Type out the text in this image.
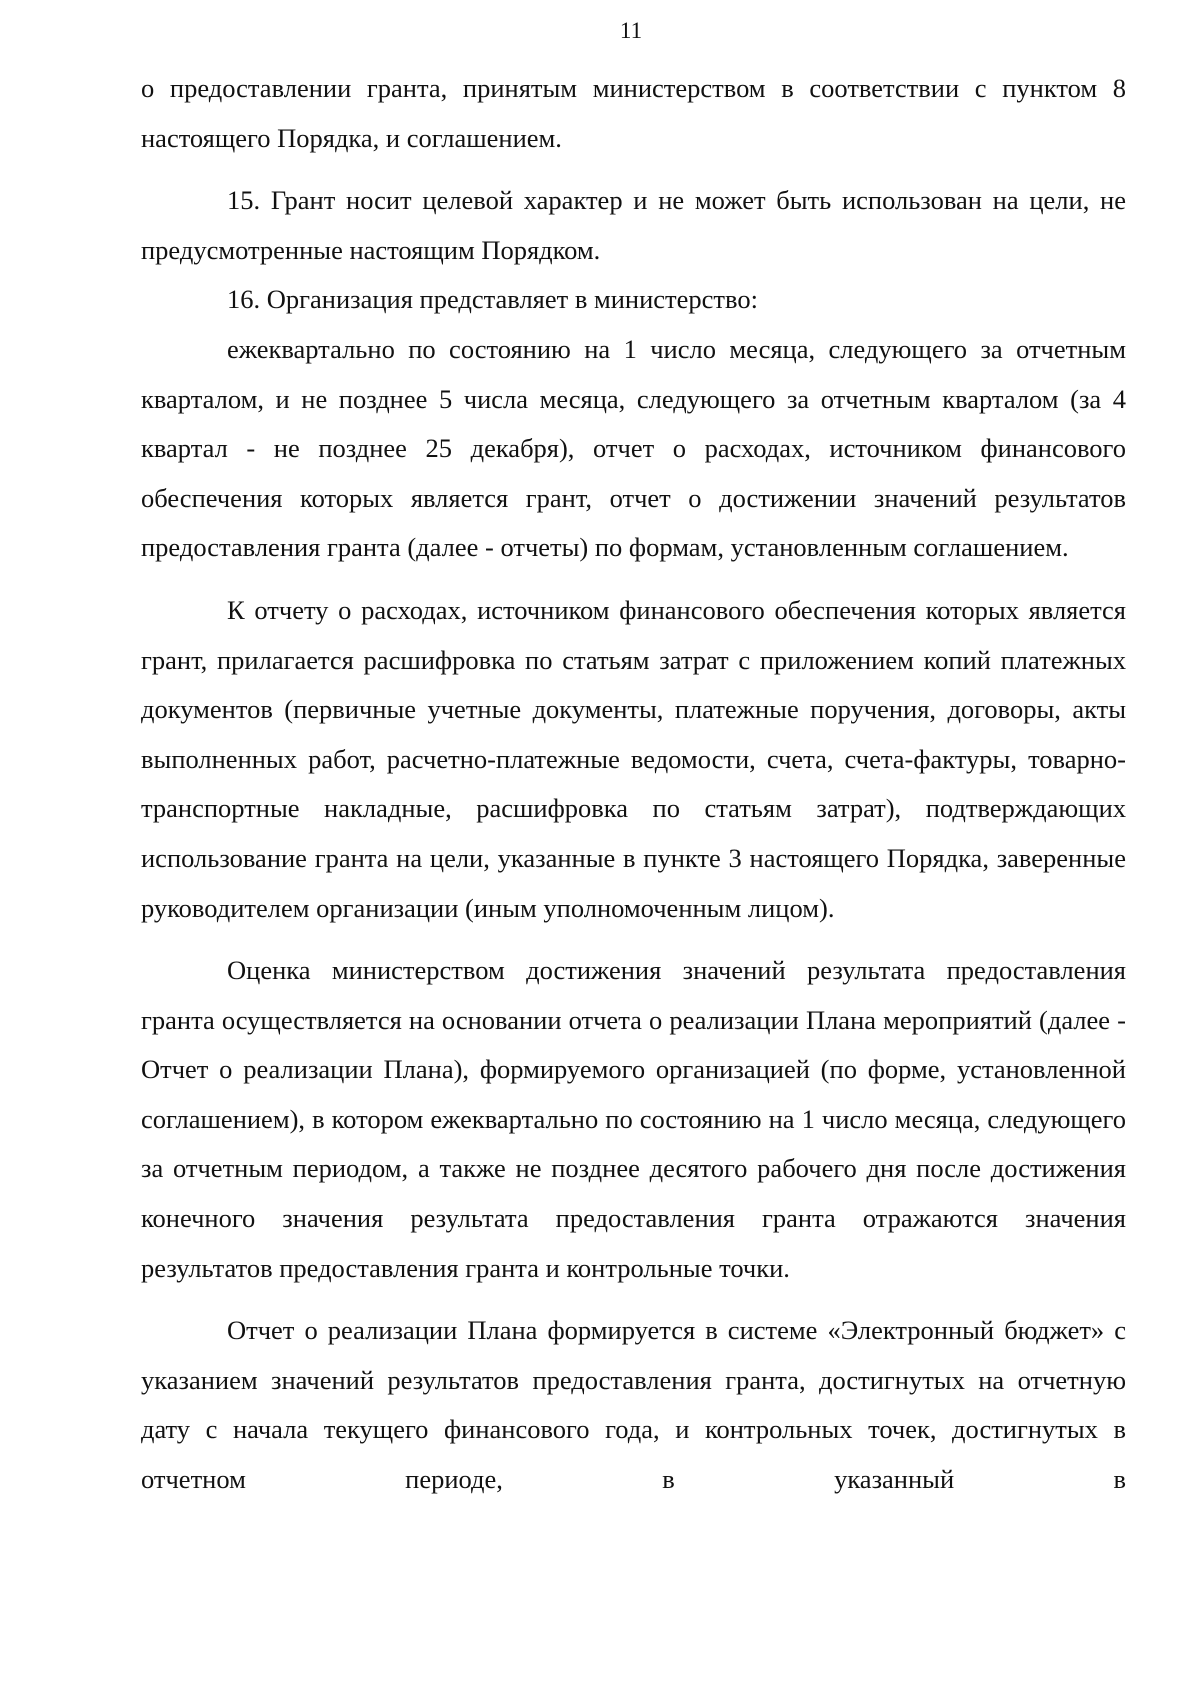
11

о предоставлении гранта, принятым министерством в соответствии с пунктом 8 настоящего Порядка, и соглашением.

15. Грант носит целевой характер и не может быть использован на цели, не предусмотренные настоящим Порядком.

16. Организация представляет в министерство:

ежеквартально по состоянию на 1 число месяца, следующего за отчетным кварталом, и не позднее 5 числа месяца, следующего за отчетным кварталом (за 4 квартал - не позднее 25 декабря), отчет о расходах, источником финансового обеспечения которых является грант, отчет о достижении значений результатов предоставления гранта (далее - отчеты) по формам, установленным соглашением.

К отчету о расходах, источником финансового обеспечения которых является грант, прилагается расшифровка по статьям затрат с приложением копий платежных документов (первичные учетные документы, платежные поручения, договоры, акты выполненных работ, расчетно-платежные ведомости, счета, счета-фактуры, товарно-транспортные накладные, расшифровка по статьям затрат), подтверждающих использование гранта на цели, указанные в пункте 3 настоящего Порядка, заверенные руководителем организации (иным уполномоченным лицом).

Оценка министерством достижения значений результата предоставления гранта осуществляется на основании отчета о реализации Плана мероприятий (далее - Отчет о реализации Плана), формируемого организацией (по форме, установленной соглашением), в котором ежеквартально по состоянию на 1 число месяца, следующего за отчетным периодом, а также не позднее десятого рабочего дня после достижения конечного значения результата предоставления гранта отражаются значения результатов предоставления гранта и контрольные точки.

Отчет о реализации Плана формируется в системе «Электронный бюджет» с указанием значений результатов предоставления гранта, достигнутых на отчетную дату с начала текущего финансового года, и контрольных точек, достигнутых в отчетном периоде, в указанный в
